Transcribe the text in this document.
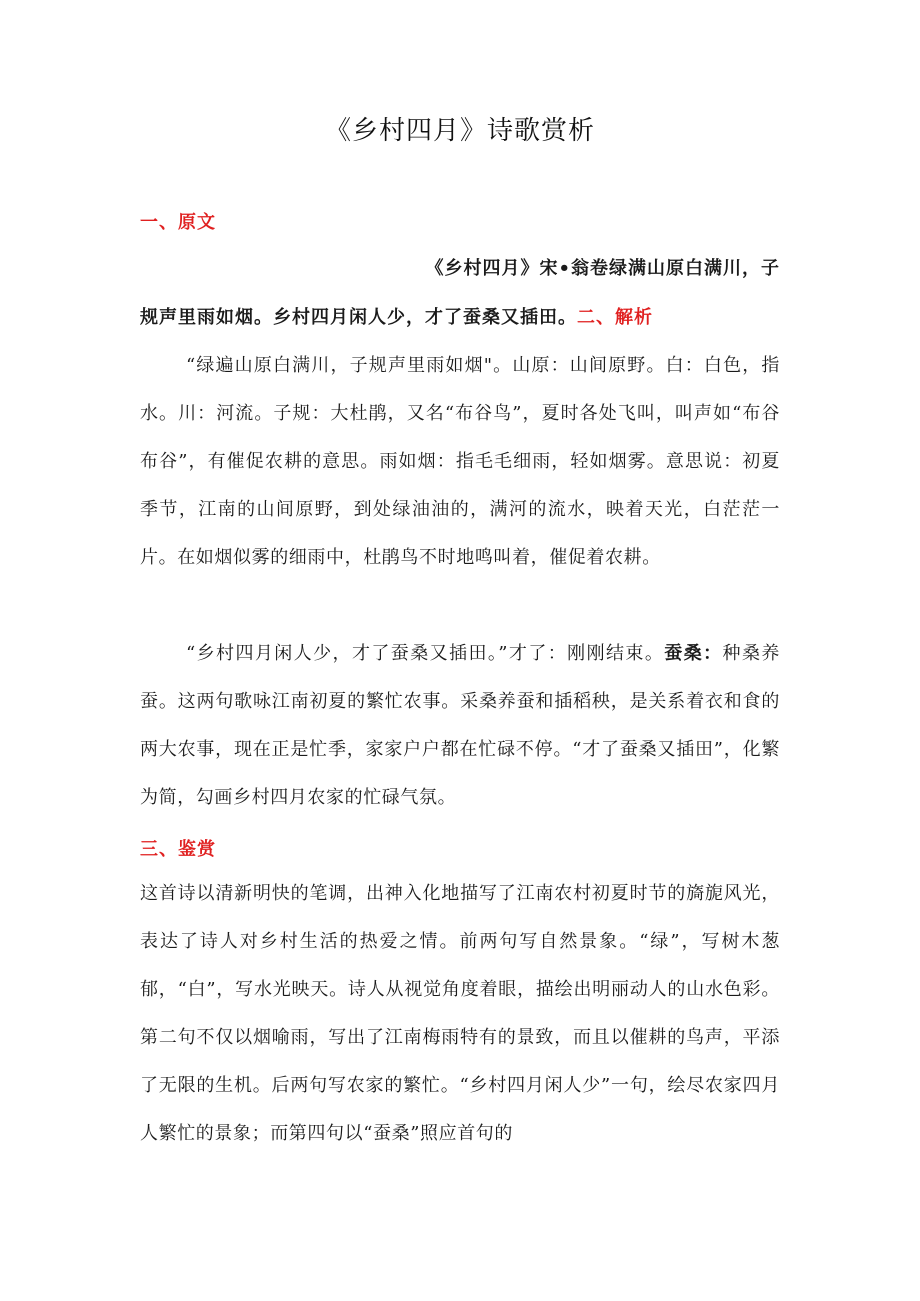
《乡村四月》诗歌赏析
一、原文
《乡村四月》宋•翁卷绿满山原白满川，子
规声里雨如烟。乡村四月闲人少，才了蚕桑又插田。二、解析
“绿遍山原白满川，子规声里雨如烟"。山原：山间原野。白：白色，指水。川：河流。子规：大杜鹃，又名“布谷鸟”，夏时各处飞叫，叫声如“布谷布谷”，有催促农耕的意思。雨如烟：指毛毛细雨，轻如烟雾。意思说：初夏季节，江南的山间原野，到处绿油油的，满河的流水，映着天光，白茫茫一片。在如烟似雾的细雨中，杜鹃鸟不时地鸣叫着，催促着农耕。
“乡村四月闲人少，才了蚕桑又插田。”才了：刚刚结束。蚕桑：种桑养蚕。这两句歌咏江南初夏的繁忙农事。采桑养蚕和插稻秧，是关系着衣和食的两大农事，现在正是忙季，家家户户都在忙碌不停。“才了蚕桑又插田”，化繁为简，勾画乡村四月农家的忙碌气氛。
三、鉴赏
这首诗以清新明快的笔调，出神入化地描写了江南农村初夏时节的旖旎风光，表达了诗人对乡村生活的热爱之情。前两句写自然景象。“绿”，写树木葱郁，“白”，写水光映天。诗人从视觉角度着眼，描绘出明丽动人的山水色彩。第二句不仅以烟喻雨，写出了江南梅雨特有的景致，而且以催耕的鸟声，平添了无限的生机。后两句写农家的繁忙。“乡村四月闲人少”一句，绘尽农家四月人繁忙的景象；而第四句以“蚕桑”照应首句的
